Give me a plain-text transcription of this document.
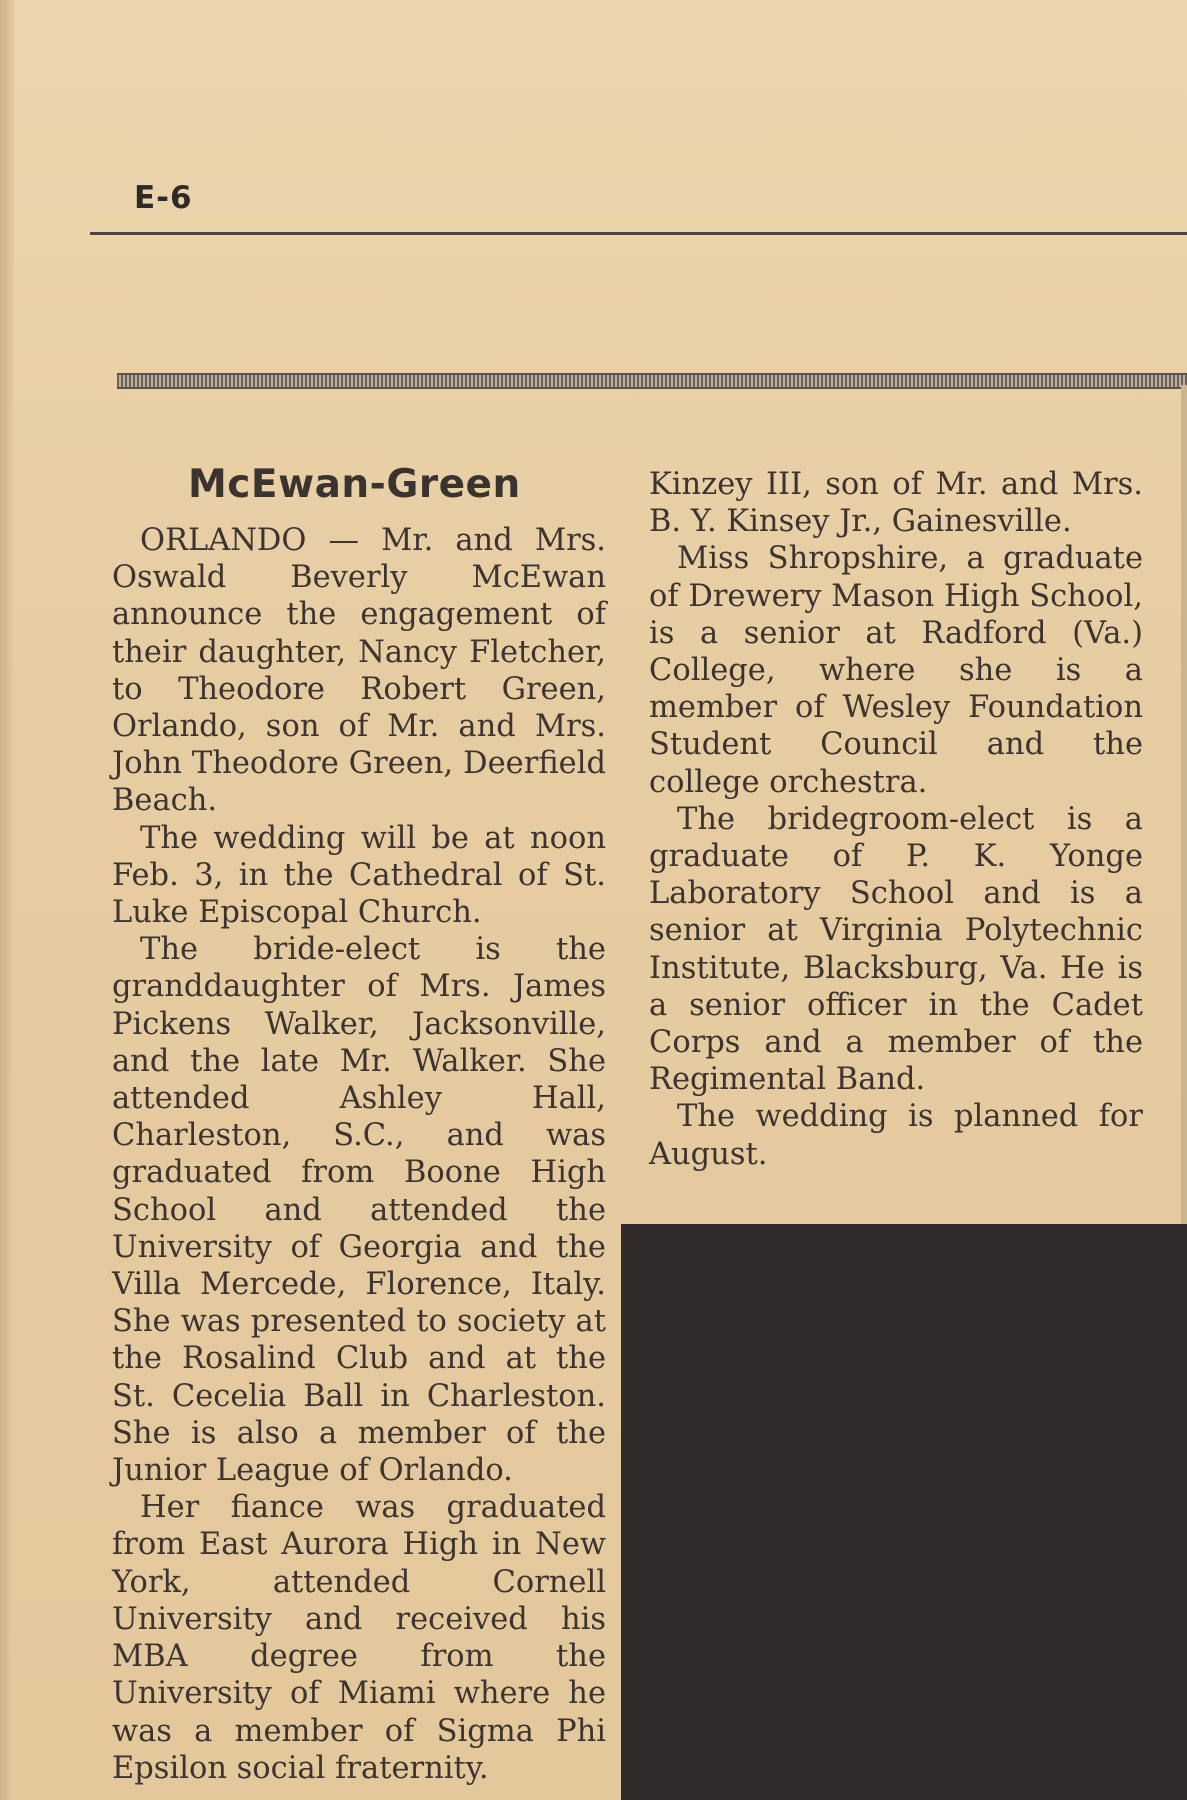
E-6
McEwan-Green

ORLANDO — Mr. and Mrs. Oswald Beverly McEwan announce the engagement of their daughter, Nancy Fletcher, to Theodore Robert Green, Orlando, son of Mr. and Mrs. John Theodore Green, Deerfield Beach.

The wedding will be at noon Feb. 3, in the Cathedral of St. Luke Episcopal Church.

The bride-elect is the granddaughter of Mrs. James Pickens Walker, Jacksonville, and the late Mr. Walker. She attended Ashley Hall, Charleston, S.C., and was graduated from Boone High School and attended the University of Georgia and the Villa Mercede, Florence, Italy. She was presented to society at the Rosalind Club and at the St. Cecelia Ball in Charleston. She is also a member of the Junior League of Orlando.

Her fiance was graduated from East Aurora High in New York, attended Cornell University and received his MBA degree from the University of Miami where he was a member of Sigma Phi Epsilon social fraternity.

Kinzey III, son of Mr. and Mrs. B. Y. Kinsey Jr., Gainesville.

Miss Shropshire, a graduate of Drewery Mason High School, is a senior at Radford (Va.) College, where she is a member of Wesley Foundation Student Council and the college orchestra.

The bridegroom-elect is a graduate of P. K. Yonge Laboratory School and is a senior at Virginia Polytechnic Institute, Blacksburg, Va. He is a senior officer in the Cadet Corps and a member of the Regimental Band.

The wedding is planned for August.
